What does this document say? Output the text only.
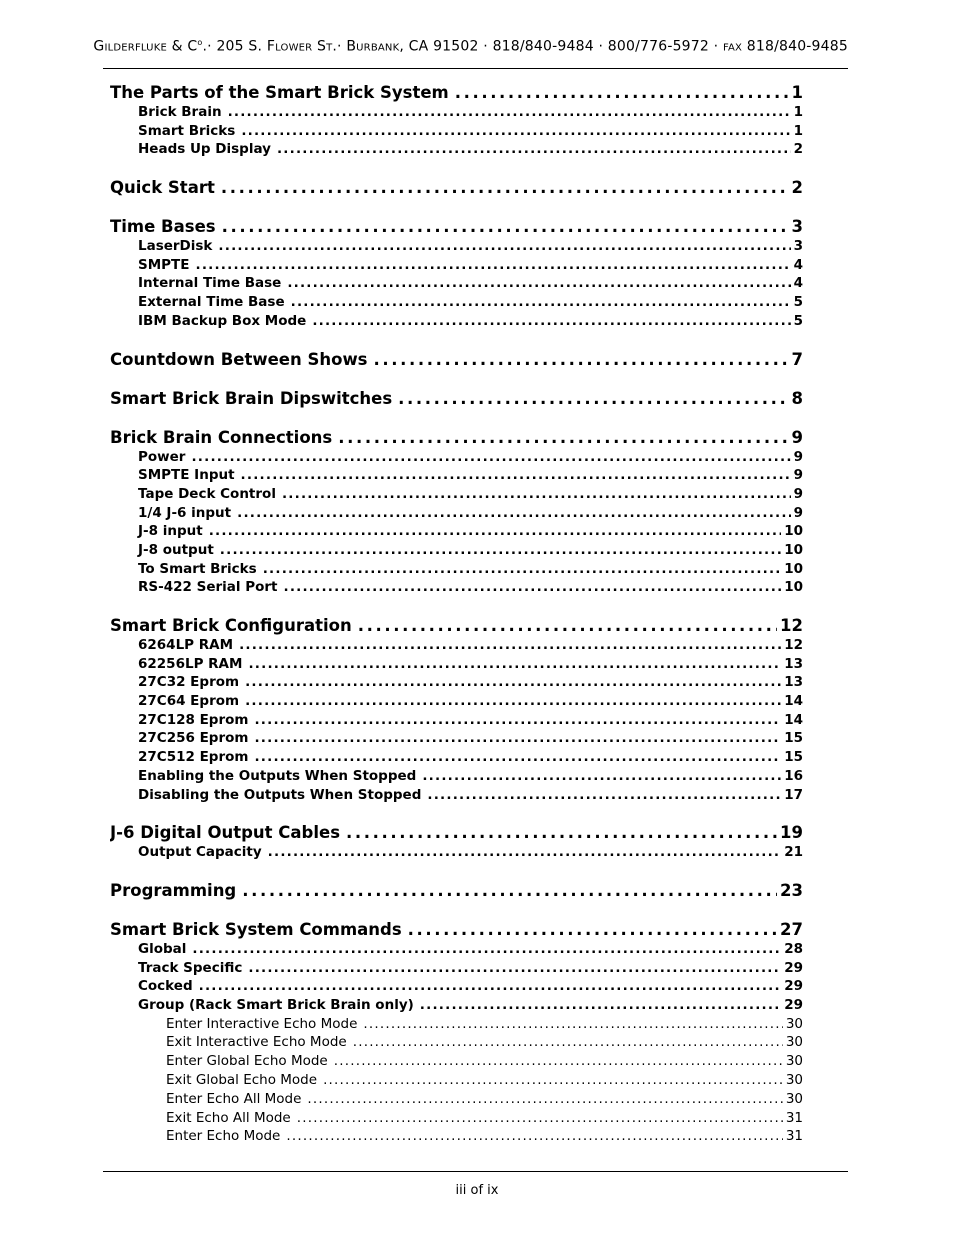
GILDERFLUKE & $C^o.\cdot 205$ S. FLOWER ST.· BURBANK, CA 91502 · 818/840-9484 · 800/776-5972 · FAX 818/840-9485
The Parts of the Smart Brick System .....	1
Brick Brain .....	1
Smart Bricks .....	1
Heads Up Display .....	2
Quick Start .....	2
Time Bases .....	3
LaserDisk .....	3
SMPTE .....	4
Internal Time Base .....	4
External Time Base .....	5
IBM Backup Box Mode .....	5
Countdown Between Shows .....	7
Smart Brick Brain Dipswitches .....	8
Brick Brain Connections .....	9
Power .....	9
SMPTE Input .....	9
Tape Deck Control .....	9
1/4 J-6 input .....	9
J-8 input .....	10
J-8 output .....	10
To Smart Bricks .....	10
RS-422 Serial Port .....	10
Smart Brick Configuration .....	12
6264LP RAM .....	12
62256LP RAM .....	13
27C32 Eprom .....	13
27C64 Eprom .....	14
27C128 Eprom .....	14
27C256 Eprom .....	15
27C512 Eprom .....	15
Enabling the Outputs When Stopped .....	16
Disabling the Outputs When Stopped .....	17
J-6 Digital Output Cables .....	19
Output Capacity .....	21
Programming .....	23
Smart Brick System Commands .....	27
Global .....	28
Track Specific .....	29
Cocked .....	29
Group (Rack Smart Brick Brain only) .....	29
Enter Interactive Echo Mode .....	30
Exit Interactive Echo Mode .....	30
Enter Global Echo Mode .....	30
Exit Global Echo Mode .....	30
Enter Echo All Mode .....	30
Exit Echo All Mode .....	31
Enter Echo Mode .....	31
iii of ix
